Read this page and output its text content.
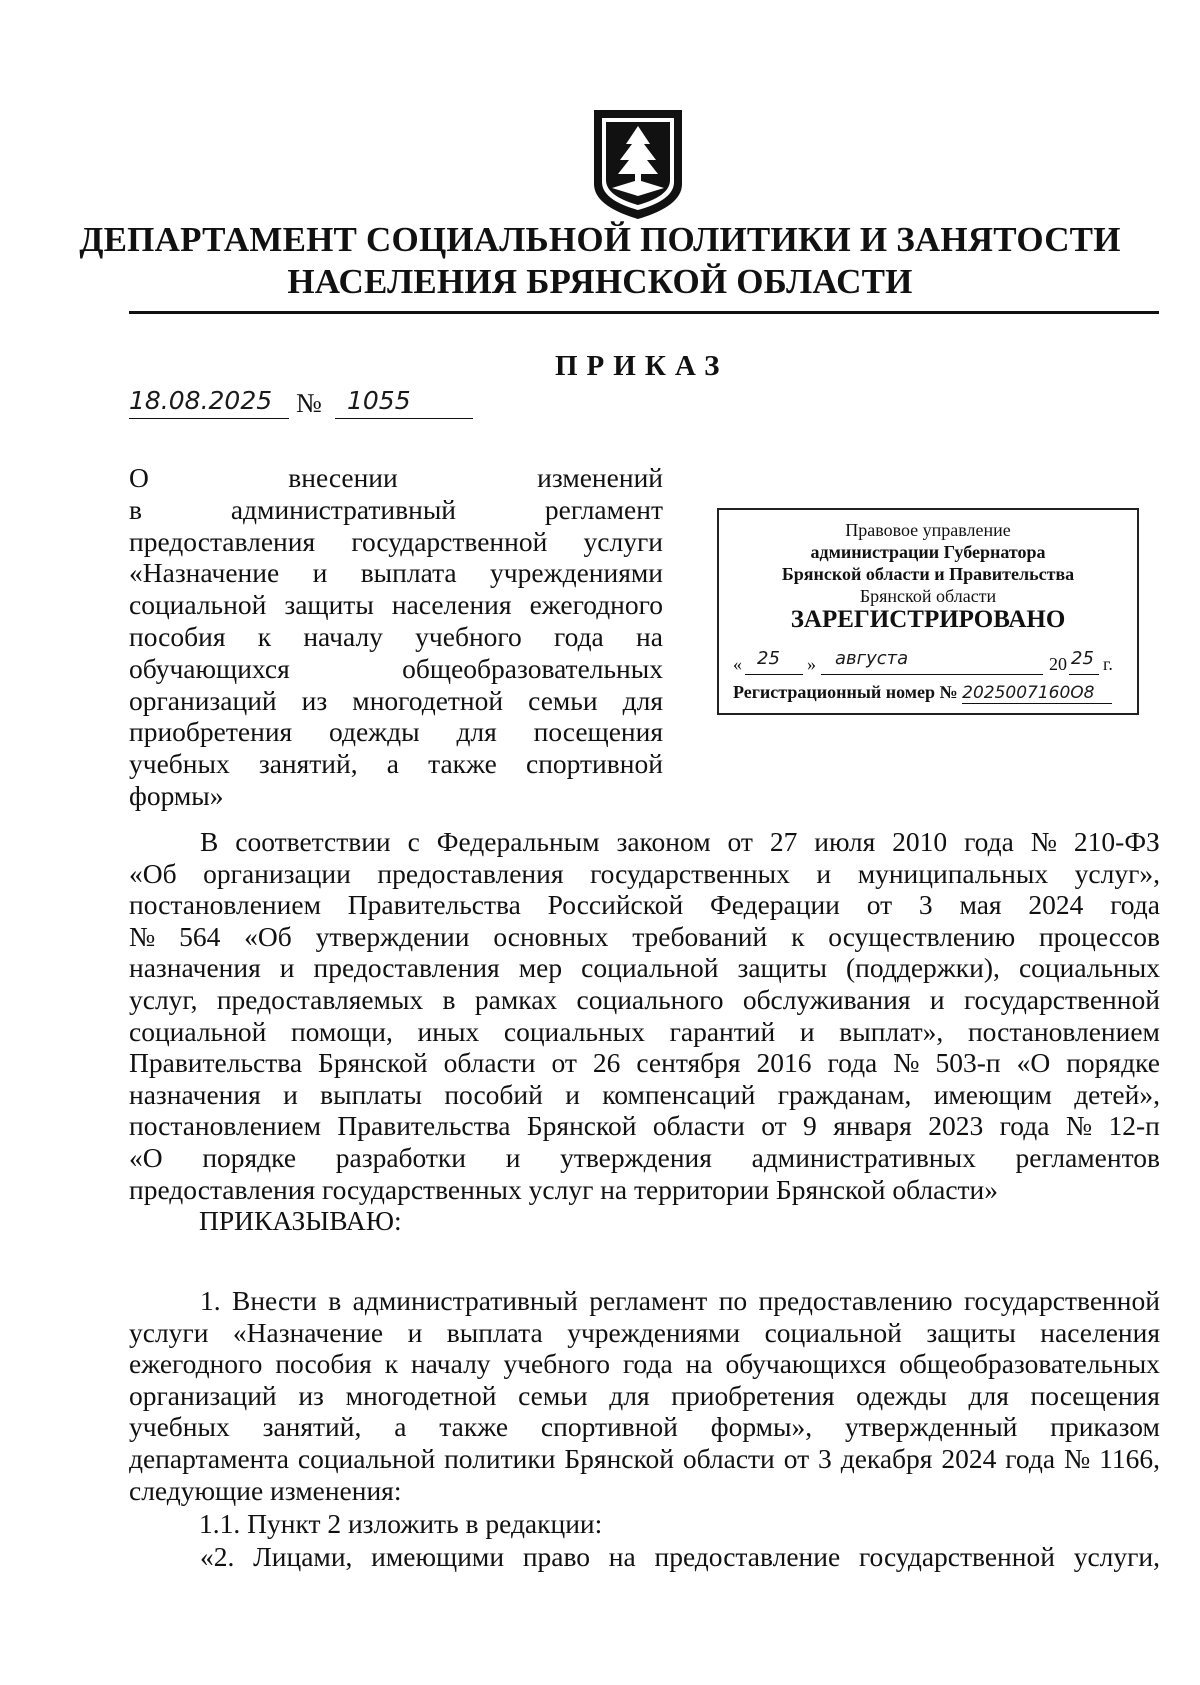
ДЕПАРТАМЕНТ СОЦИАЛЬНОЙ ПОЛИТИКИ И ЗАНЯТОСТИ
НАСЕЛЕНИЯ БРЯНСКОЙ ОБЛАСТИ
ПРИКАЗ
18.08.2025 № 1055
О	внесении	изменений
в	административный	регламент
предоставления государственной услуги
«Назначение и выплата учреждениями
социальной защиты населения ежегодного
пособия к началу учебного года на
обучающихся	общеобразовательных
организаций из многодетной семьи для
приобретения одежды для посещения
учебных занятий, а также спортивной
формы»
Правовое управление
администрации Губернатора
Брянской области и Правительства
Брянской области
ЗАРЕГИСТРИРОВАНО
« 25 » августа	20 25 г.
Регистрационный номер № 2025007160О8
В соответствии с Федеральным законом от 27 июля 2010 года № 210-ФЗ
«Об организации предоставления государственных и муниципальных услуг»,
постановлением Правительства Российской Федерации от 3 мая 2024 года
№ 564 «Об утверждении основных требований к осуществлению процессов
назначения и предоставления мер социальной защиты (поддержки), социальных
услуг, предоставляемых в рамках социального обслуживания и государственной
социальной помощи, иных социальных гарантий и выплат», постановлением
Правительства Брянской области от 26 сентября 2016 года № 503-п «О порядке
назначения и выплаты пособий и компенсаций гражданам, имеющим детей»,
постановлением Правительства Брянской области от 9 января 2023 года № 12-п
«О порядке разработки и утверждения административных регламентов
предоставления государственных услуг на территории Брянской области»
ПРИКАЗЫВАЮ:
1. Внести в административный регламент по предоставлению государственной
услуги «Назначение и выплата учреждениями социальной защиты населения
ежегодного пособия к началу учебного года на обучающихся общеобразовательных
организаций из многодетной семьи для приобретения одежды для посещения
учебных занятий, а также спортивной формы», утвержденный приказом
департамента социальной политики Брянской области от 3 декабря 2024 года № 1166,
следующие изменения:
1.1. Пункт 2 изложить в редакции:
«2. Лицами, имеющими право на предоставление государственной услуги,
